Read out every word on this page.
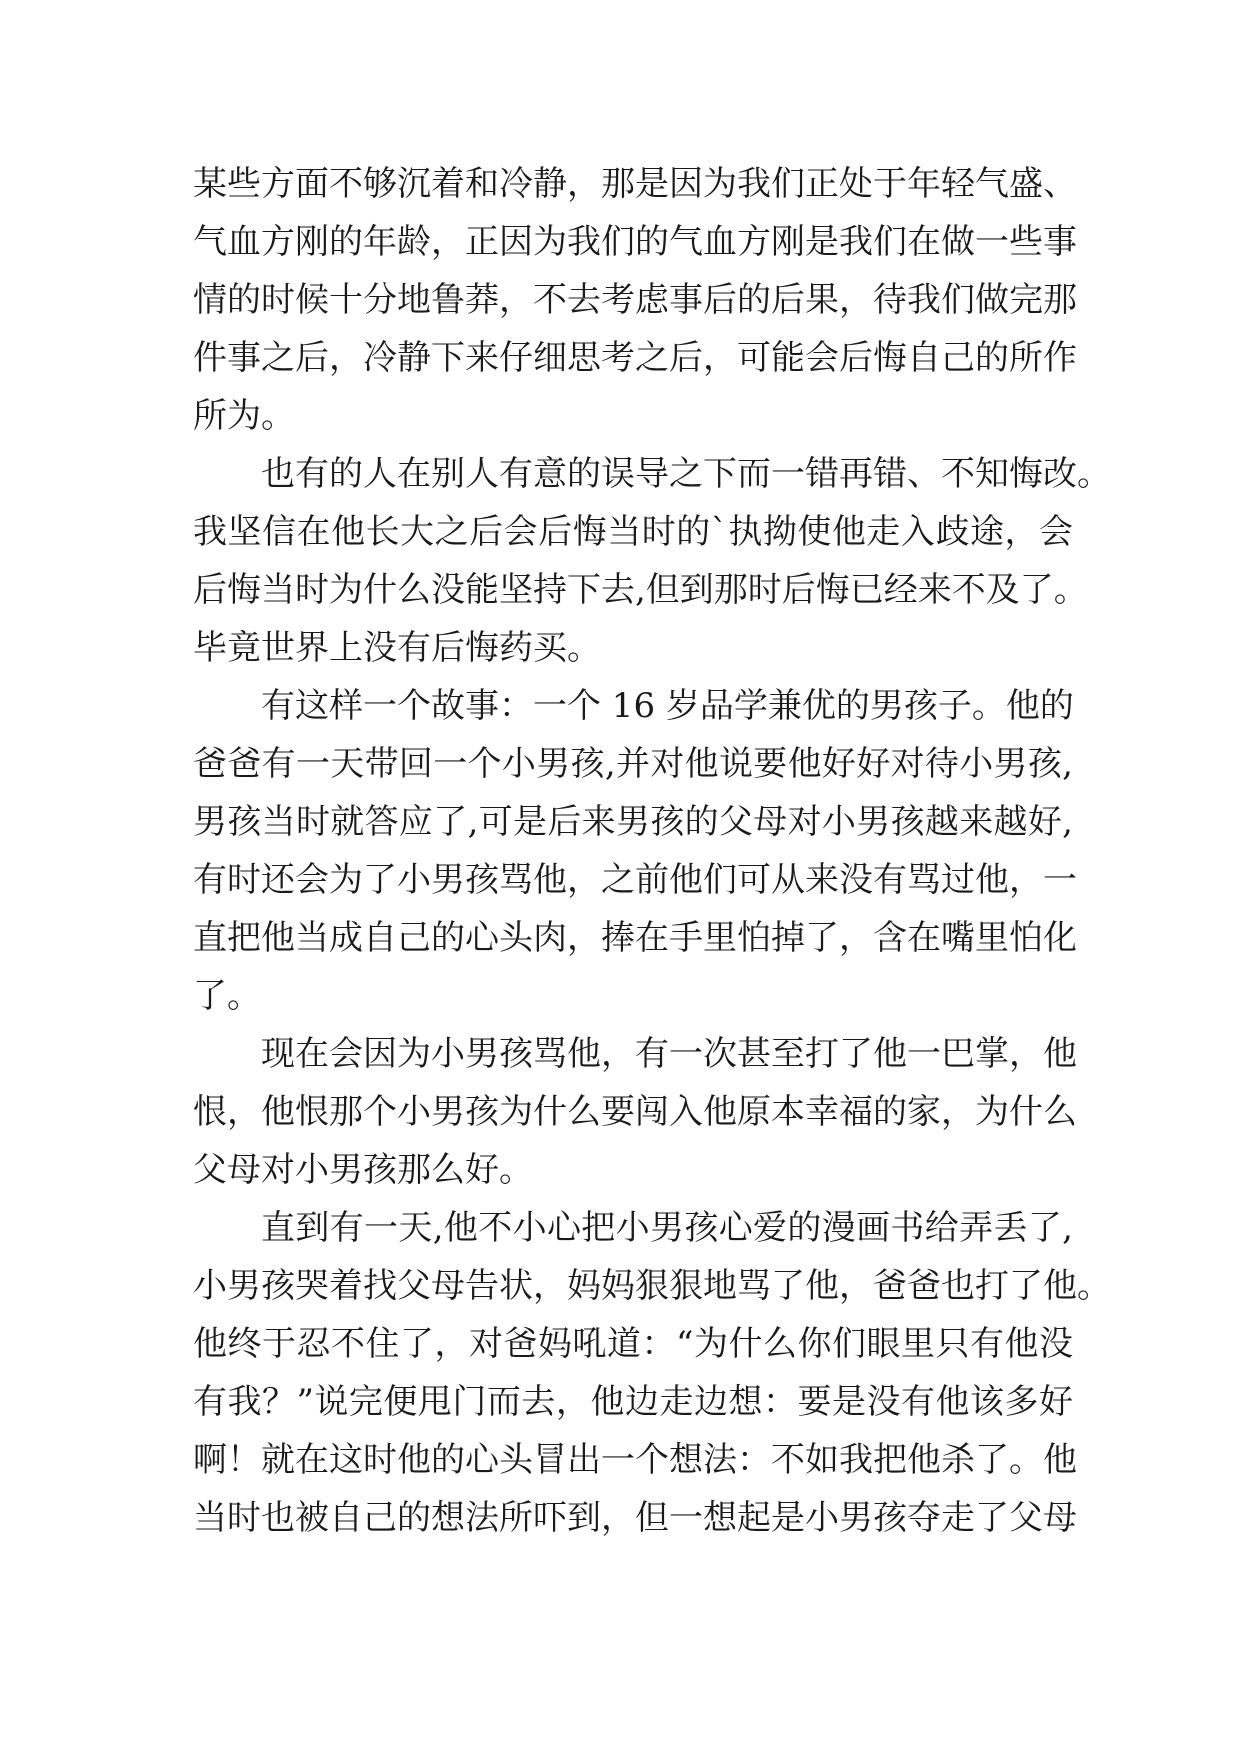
某些方面不够沉着和冷静，那是因为我们正处于年轻气盛、
气血方刚的年龄，正因为我们的气血方刚是我们在做一些事
情的时候十分地鲁莽，不去考虑事后的后果，待我们做完那
件事之后，冷静下来仔细思考之后，可能会后悔自己的所作
所为。
也有的人在别人有意的误导之下而一错再错、不知悔改。
我坚信在他长大之后会后悔当时的`执拗使他走入歧途，会
后悔当时为什么没能坚持下去,但到那时后悔已经来不及了。
毕竟世界上没有后悔药买。
有这样一个故事：一个 16 岁品学兼优的男孩子。他的
爸爸有一天带回一个小男孩,并对他说要他好好对待小男孩,
男孩当时就答应了,可是后来男孩的父母对小男孩越来越好,
有时还会为了小男孩骂他，之前他们可从来没有骂过他，一
直把他当成自己的心头肉，捧在手里怕掉了，含在嘴里怕化
了。
现在会因为小男孩骂他，有一次甚至打了他一巴掌，他
恨，他恨那个小男孩为什么要闯入他原本幸福的家，为什么
父母对小男孩那么好。
直到有一天,他不小心把小男孩心爱的漫画书给弄丢了,
小男孩哭着找父母告状，妈妈狠狠地骂了他，爸爸也打了他。
他终于忍不住了，对爸妈吼道：“为什么你们眼里只有他没
有我？”说完便甩门而去，他边走边想：要是没有他该多好
啊！就在这时他的心头冒出一个想法：不如我把他杀了。他
当时也被自己的想法所吓到，但一想起是小男孩夺走了父母
